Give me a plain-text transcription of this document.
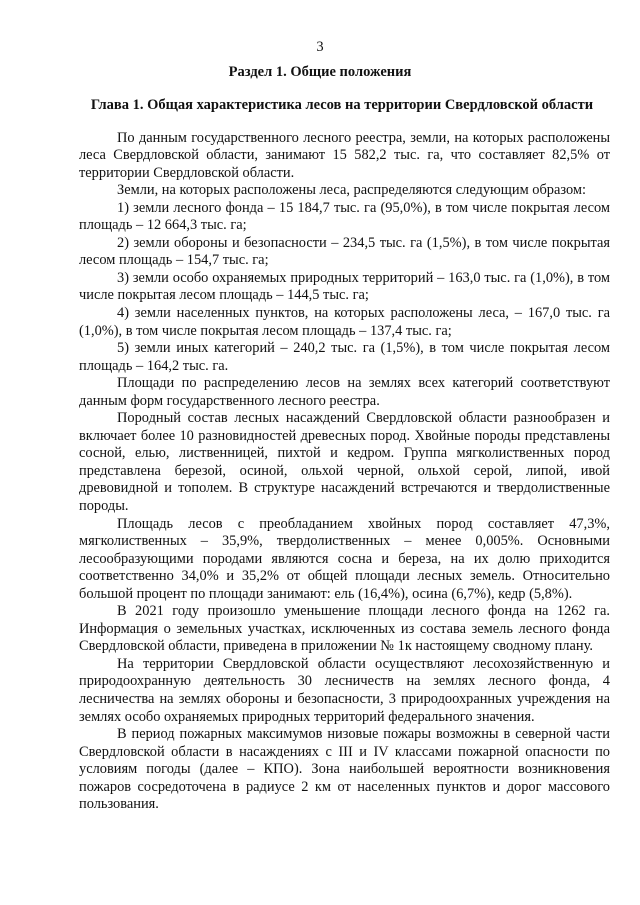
3
Раздел 1. Общие положения
Глава 1. Общая характеристика лесов на территории Свердловской области

По данным государственного лесного реестра, земли, на которых расположены леса Свердловской области, занимают 15 582,2 тыс. га, что составляет 82,5% от территории Свердловской области.

Земли, на которых расположены леса, распределяются следующим образом:

1) земли лесного фонда – 15 184,7 тыс. га (95,0%), в том числе покрытая лесом площадь – 12 664,3 тыс. га;

2) земли обороны и безопасности – 234,5 тыс. га (1,5%), в том числе покрытая лесом площадь – 154,7 тыс. га;

3) земли особо охраняемых природных территорий – 163,0 тыс. га (1,0%), в том числе покрытая лесом площадь – 144,5 тыс. га;

4) земли населенных пунктов, на которых расположены леса, – 167,0 тыс. га (1,0%), в том числе покрытая лесом площадь – 137,4 тыс. га;

5) земли иных категорий – 240,2 тыс. га (1,5%), в том числе покрытая лесом площадь – 164,2 тыс. га.

Площади по распределению лесов на землях всех категорий соответствуют данным форм государственного лесного реестра.

Породный состав лесных насаждений Свердловской области разнообразен и включает более 10 разновидностей древесных пород. Хвойные породы представлены сосной, елью, лиственницей, пихтой и кедром. Группа мягколиственных пород представлена березой, осиной, ольхой черной, ольхой серой, липой, ивой древовидной и тополем. В структуре насаждений встречаются и твердолиственные породы.

Площадь лесов с преобладанием хвойных пород составляет 47,3%, мягколиственных – 35,9%, твердолиственных – менее 0,005%. Основными лесообразующими породами являются сосна и береза, на их долю приходится соответственно 34,0% и 35,2% от общей площади лесных земель. Относительно большой процент по площади занимают: ель (16,4%), осина (6,7%), кедр (5,8%).

В 2021 году произошло уменьшение площади лесного фонда на 1262 га. Информация о земельных участках, исключенных из состава земель лесного фонда Свердловской области, приведена в приложении № 1к настоящему сводному плану.

На территории Свердловской области осуществляют лесохозяйственную и природоохранную деятельность 30 лесничеств на землях лесного фонда, 4 лесничества на землях обороны и безопасности, 3 природоохранных учреждения на землях особо охраняемых природных территорий федерального значения.

В период пожарных максимумов низовые пожары возможны в северной части Свердловской области в насаждениях с III и IV классами пожарной опасности по условиям погоды (далее – КПО). Зона наибольшей вероятности возникновения пожаров сосредоточена в радиусе 2 км от населенных пунктов и дорог массового пользования.
